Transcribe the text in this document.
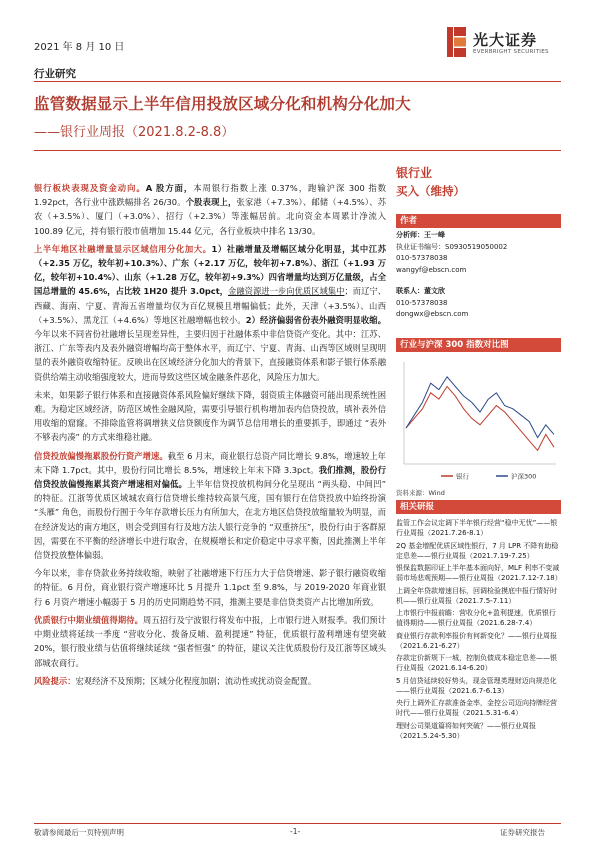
2021 年 8 月 10 日	光大证券
EVERBRIGHT SECURITIES
行业研究
监管数据显示上半年信用投放区域分化和机构分化加大
——银行业周报（2021.8.2-8.8）

银行板块表现及资金动向。A 股方面，本周银行指数上涨 0.37%，跑输沪深 300 指数 1.92pct，各行业中涨跌幅排名 26/30。个股表现上，张家港（+7.3%）、邮储（+4.5%）、苏农（+3.5%）、厦门（+3.0%）、招行（+2.3%）等涨幅居前。北向资金本周累计净流入 100.89 亿元，持有银行股市值增加 15.44 亿元，各行业板块中排名 13/30。

上半年地区社融增量显示区域信用分化加大。1）社融增量及增幅区域分化明显，其中江苏（+2.35 万亿，较年初+10.3%）、广东（+2.17 万亿，较年初+7.8%）、浙江（+1.93 万亿，较年初+10.4%）、山东（+1.28 万亿，较年初+9.3%）四省增量均达到万亿量级，占全国总增量的 45.6%，占比较 1H20 提升 3.0pct，金融资源进一步向优质区域集中；而辽宁、西藏、海南、宁夏、青海五省增量均仅为百亿规模且增幅偏低；此外，天津（+3.5%）、山西（+3.5%）、黑龙江（+4.6%）等地区社融增幅也较小。2）经济偏弱省份表外融资明显收缩。今年以来不同省份社融增长呈现差异性，主要归因于社融体系中非信贷资产变化。其中：江苏、浙江、广东等表内及表外融资增幅均高于整体水平，而辽宁、宁夏、青海、山西等区域则呈现明显的表外融资收缩特征。反映出在区域经济分化加大的背景下，直接融资体系和影子银行体系融资供给端主动收缩强度较大，进而导致这些区域金融条件恶化，风险压力加大。

未来，如果影子银行体系和直接融资体系风险偏好继续下降，弱资质主体融资可能出现系统性困难。为稳定区域经济，防范区域性金融风险，需要引导银行机构增加表内信贷投放，填补表外信用收缩的窟窿。不排除监管将调增狭义信贷额度作为调节总信用增长的重要抓手，即通过 “表外不够表内凑” 的方式来维稳社融。

信贷投放偏慢拖累股份行资产增速。截至 6 月末，商业银行总资产同比增长 9.8%，增速较上年末下降 1.7pct。其中，股份行同比增长 8.5%，增速较上年末下降 3.3pct。我们推测，股份行信贷投放偏慢拖累其资产增速相对偏低。上半年信贷投放机构间分化呈现出 “两头稳、中间凹” 的特征。江浙等优质区域城农商行信贷增长维持较高景气度，国有银行在信贷投放中始终扮演 “头雁” 角色，而股份行囿于今年存款增长压力有所加大，在北方地区信贷投放缩量较为明显，而在经济发达的南方地区，则会受到国有行及地方法人银行竞争的 “双重挤压”，股份行由于客群原因，需要在不平衡的经济增长中进行取舍，在规模增长和定价稳定中寻求平衡，因此推测上半年信贷投放整体偏弱。

今年以来，非存贷款业务持续收缩，映射了社融增速下行压力大于信贷增速、影子银行融资收缩的特征。6 月份，商业银行资产增速环比 5 月提升 1.1pct 至 9.8%，与 2019-2020 年商业银行 6 月资产增速小幅弱于 5 月的历史同期趋势不同，推测主要是非信贷类资产占比增加所致。

优质银行中期业绩值得期待。周五招行及宁波银行将发布中报，上市银行进入财报季。我们预计中期业绩将延续一季度 “营收分化、拨备反哺、盈利提速” 特征，优质银行盈利增速有望突破 20%，银行股业绩与估值将继续延续 “强者恒强” 的特征，建议关注优质股份行及江浙等区域头部城农商行。

风险提示：宏观经济不及预期；区域分化程度加剧；流动性或扰动资金配置。

银行业
买入（维持）
作者
分析师：王一峰
执业证书编号：S0930519050002
010-57378038
wangyf@ebscn.com
联系人：董文欣
010-57378038
dongwx@ebscn.com
行业与沪深 300 指数对比图
银行	沪深300
资料来源：Wind
相关研报
监管工作会议定调下半年银行经营“稳中无忧”——银行业周报（2021.7.26-8.1）
2Q 基金增配优质区域性银行，7 月 LPR 不降有助稳定息差——银行业周报（2021.7.19-7.25）
银保监数据印证上半年基本面向好，MLF 利率不变减弱市场悲观预期——银行业周报（2021.7.12-7.18）
上调全年贷款增速目标，回调检验摸底中报行情好时机——银行业周报（2021.7.5-7.11）
上市银行中报前瞻：营收分化+盈利提速，优质银行值得期待——银行业周报（2021.6.28-7.4）
商业银行存款利率报价有何新变化？——银行业周报（2021.6.21-6.27）
存款定价新规下一城，控制负债成本稳定息差——银行业周报（2021.6.14-6.20）
5 月信贷延续较好势头，现金管理类理财迈向规范化——银行业周报（2021.6.7-6.13）
央行上调外汇存款准备金率，金控公司迈向持牌经营时代——银行业周报（2021.5.31-6.4）
理财公司渠道篇将如何突破？——银行业周报（2021.5.24-5.30）
敬请参阅最后一页特别声明	-1-	证券研究报告
